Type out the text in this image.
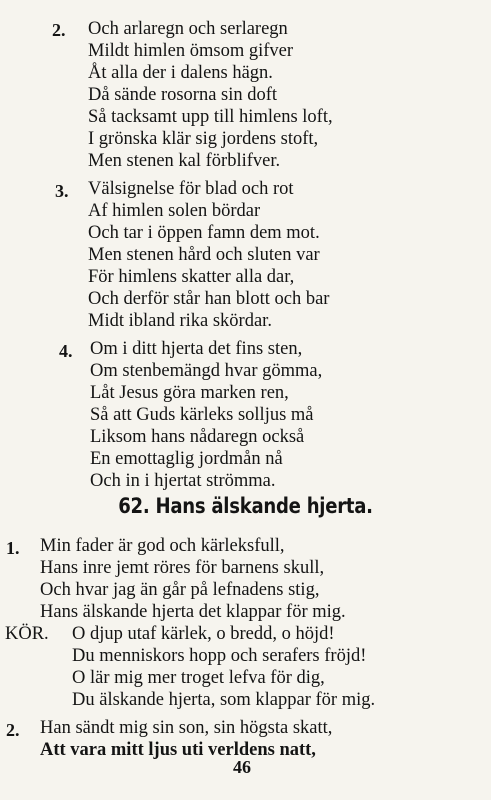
2. Och arlaregn och serlaregn
Mildt himlen ömsom gifver
Åt alla der i dalens hägn.
Då sände rosorna sin doft
Så tacksamt upp till himlens loft,
I grönska klär sig jordens stoft,
Men stenen kal förblifver.
3. Välsignelse för blad och rot
Af himlen solen bördar
Och tar i öppen famn dem mot.
Men stenen hård och sluten var
För himlens skatter alla dar,
Och derför står han blott och bar
Midt ibland rika skördar.
4. Om i ditt hjerta det fins sten,
Om stenbemängd hvar gömma,
Låt Jesus göra marken ren,
Så att Guds kärleks solljus må
Liksom hans nådaregn också
En emottaglig jordmån nå
Och in i hjertat strömma.
62. Hans älskande hjerta.
1. Min fader är god och kärleksfull,
Hans inre jemt röres för barnens skull,
Och hvar jag än går på lefnadens stig,
Hans älskande hjerta det klappar för mig.
KÖR. O djup utaf kärlek, o bredd, o höjd!
Du menniskors hopp och serafers fröjd!
O lär mig mer troget lefva för dig,
Du älskande hjerta, som klappar för mig.
2. Han sändt mig sin son, sin högsta skatt,
Att vara mitt ljus uti verldens natt,
46
